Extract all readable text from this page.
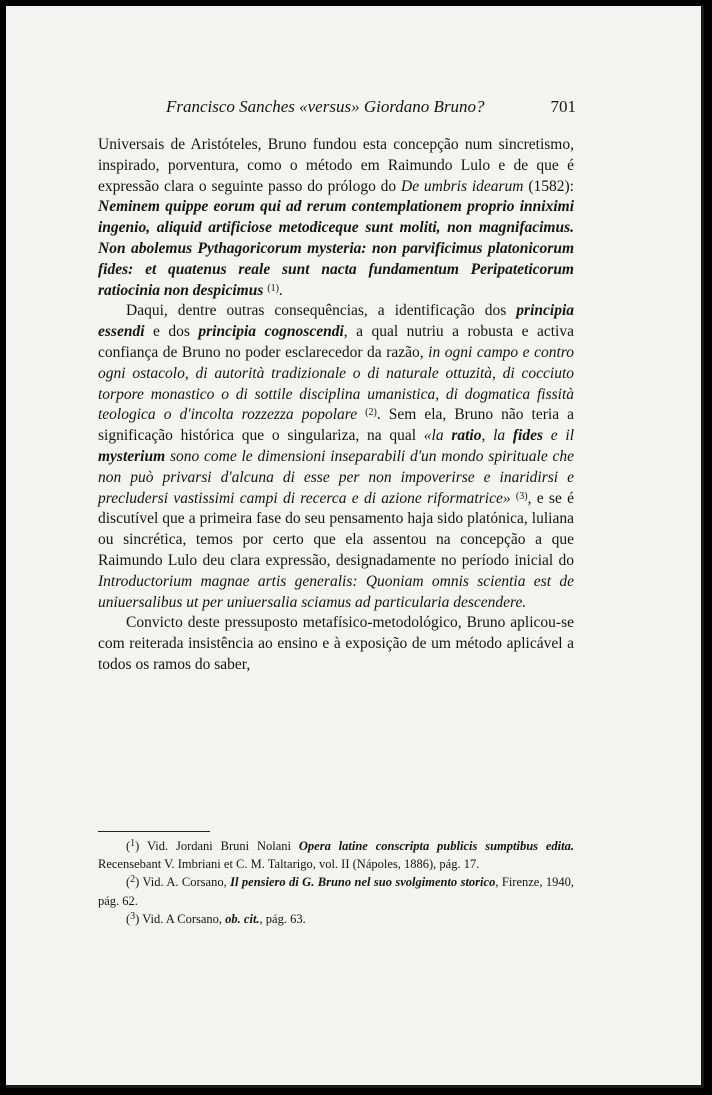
Francisco Sanches «versus» Giordano Bruno?	701

Universais de Aristóteles, Bruno fundou esta concepção num sincretismo, inspirado, porventura, como o método em Raimundo Lulo e de que é expressão clara o seguinte passo do prólogo do De umbris idearum (1582): Neminem quippe eorum qui ad rerum contemplationem proprio inniximi ingenio, aliquid artificiose metodiceque sunt moliti, non magnifacimus. Non abolemus Pythagoricorum mysteria: non parvificimus platonicorum fides: et quatenus reale sunt nacta fundamentum Peripateticorum ratiocinia non despicimus $^{(1)}$.

Daqui, dentre outras consequências, a identificação dos principia essendi e dos principia cognoscendi, a qual nutriu a robusta e activa confiança de Bruno no poder esclarecedor da razão, in ogni campo e contro ogni ostacolo, di autorità tradizionale o di naturale ottuzità, di cocciuto torpore monastico o di sottile disciplina umanistica, di dogmatica fissità teologica o d'incolta rozzezza popolare $^{(2)}$. Sem ela, Bruno não teria a significação histórica que o singulariza, na qual «la ratio, la fides e il mysterium sono come le dimensioni inseparabili d'un mondo spirituale che non può privarsi d'alcuna di esse per non impoverirse e inaridirsi e precludersi vastissimi campi di recerca e di azione riformatrice» $^{(3)}$, e se é discutível que a primeira fase do seu pensamento haja sido platónica, luliana ou sincrética, temos por certo que ela assentou na concepção a que Raimundo Lulo deu clara expressão, designadamente no período inicial do Introductorium magnae artis generalis: Quoniam omnis scientia est de uniuersalibus ut per uniuersalia sciamus ad particularia descendere.

Convicto deste pressuposto metafísico-metodológico, Bruno aplicou-se com reiterada insistência ao ensino e à exposição de um método aplicável a todos os ramos do saber,

($^1$) Vid. Jordani Bruni Nolani Opera latine conscripta publicis sumptibus edita. Recensebant V. Imbriani et C. M. Taltarigo, vol. II (Nápoles, 1886), pág. 17.

($^2$) Vid. A. Corsano, Il pensiero di G. Bruno nel suo svolgimento storico, Firenze, 1940, pág. 62.

($^3$) Vid. A Corsano, ob. cit., pág. 63.
